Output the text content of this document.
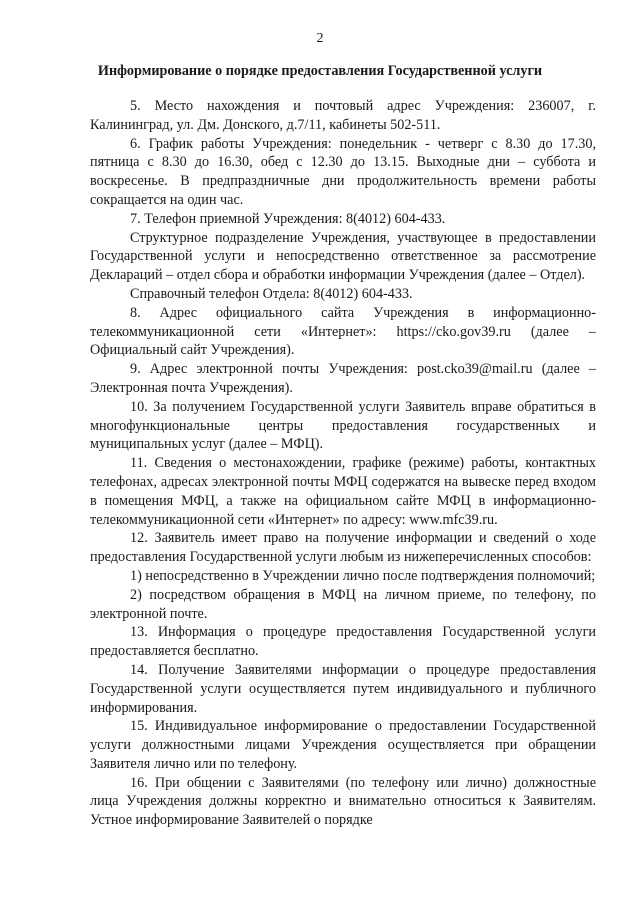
2
Информирование о порядке предоставления Государственной услуги

5. Место нахождения и почтовый адрес Учреждения: 236007, г. Калининград, ул. Дм. Донского, д.7/11, кабинеты 502-511.

6. График работы Учреждения: понедельник - четверг с 8.30 до 17.30, пятница с 8.30 до 16.30, обед с 12.30 до 13.15. Выходные дни – суббота и воскресенье. В предпраздничные дни продолжительность времени работы сокращается на один час.

7. Телефон приемной Учреждения: 8(4012) 604-433.

Структурное подразделение Учреждения, участвующее в предоставлении Государственной услуги и непосредственно ответственное за рассмотрение Деклараций – отдел сбора и обработки информации Учреждения (далее – Отдел).

Справочный телефон Отдела: 8(4012) 604-433.

8. Адрес официального сайта Учреждения в информационно-телекоммуникационной сети «Интернет»: https://cko.gov39.ru (далее – Официальный сайт Учреждения).

9. Адрес электронной почты Учреждения: post.cko39@mail.ru (далее – Электронная почта Учреждения).

10. За получением Государственной услуги Заявитель вправе обратиться в многофункциональные центры предоставления государственных и муниципальных услуг (далее – МФЦ).

11. Сведения о местонахождении, графике (режиме) работы, контактных телефонах, адресах электронной почты МФЦ содержатся на вывеске перед входом в помещения МФЦ, а также на официальном сайте МФЦ в информационно-телекоммуникационной сети «Интернет» по адресу: www.mfc39.ru.

12. Заявитель имеет право на получение информации и сведений о ходе предоставления Государственной услуги любым из нижеперечисленных способов:

1) непосредственно в Учреждении лично после подтверждения полномочий;

2) посредством обращения в МФЦ на личном приеме, по телефону, по электронной почте.

13. Информация о процедуре предоставления Государственной услуги предоставляется бесплатно.

14. Получение Заявителями информации о процедуре предоставления Государственной услуги осуществляется путем индивидуального и публичного информирования.

15. Индивидуальное информирование о предоставлении Государственной услуги должностными лицами Учреждения осуществляется при обращении Заявителя лично или по телефону.

16. При общении с Заявителями (по телефону или лично) должностные лица Учреждения должны корректно и внимательно относиться к Заявителям. Устное информирование Заявителей о порядке
